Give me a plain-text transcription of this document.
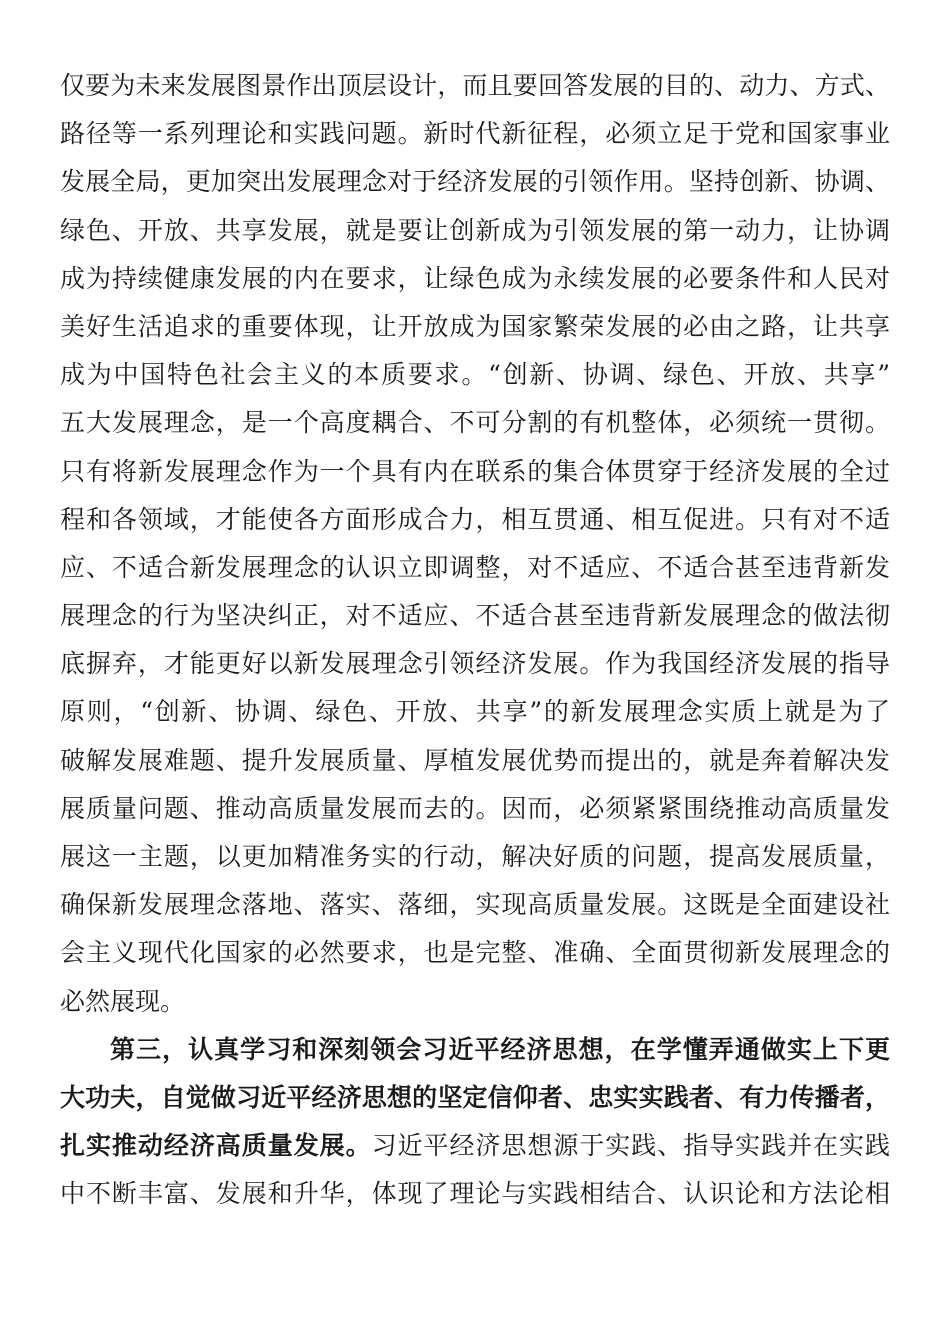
仅要为未来发展图景作出顶层设计，而且要回答发展的目的、动力、方式、
路径等一系列理论和实践问题。新时代新征程，必须立足于党和国家事业
发展全局，更加突出发展理念对于经济发展的引领作用。坚持创新、协调、
绿色、开放、共享发展，就是要让创新成为引领发展的第一动力，让协调
成为持续健康发展的内在要求，让绿色成为永续发展的必要条件和人民对
美好生活追求的重要体现，让开放成为国家繁荣发展的必由之路，让共享
成为中国特色社会主义的本质要求。“创新、协调、绿色、开放、共享”
五大发展理念，是一个高度耦合、不可分割的有机整体，必须统一贯彻。
只有将新发展理念作为一个具有内在联系的集合体贯穿于经济发展的全过
程和各领域，才能使各方面形成合力，相互贯通、相互促进。只有对不适
应、不适合新发展理念的认识立即调整，对不适应、不适合甚至违背新发
展理念的行为坚决纠正，对不适应、不适合甚至违背新发展理念的做法彻
底摒弃，才能更好以新发展理念引领经济发展。作为我国经济发展的指导
原则，“创新、协调、绿色、开放、共享”的新发展理念实质上就是为了
破解发展难题、提升发展质量、厚植发展优势而提出的，就是奔着解决发
展质量问题、推动高质量发展而去的。因而，必须紧紧围绕推动高质量发
展这一主题，以更加精准务实的行动，解决好质的问题，提高发展质量，
确保新发展理念落地、落实、落细，实现高质量发展。这既是全面建设社
会主义现代化国家的必然要求，也是完整、准确、全面贯彻新发展理念的
必然展现。
第三，认真学习和深刻领会习近平经济思想，在学懂弄通做实上下更
大功夫，自觉做习近平经济思想的坚定信仰者、忠实实践者、有力传播者，
扎实推动经济高质量发展。习近平经济思想源于实践、指导实践并在实践
中不断丰富、发展和升华，体现了理论与实践相结合、认识论和方法论相
